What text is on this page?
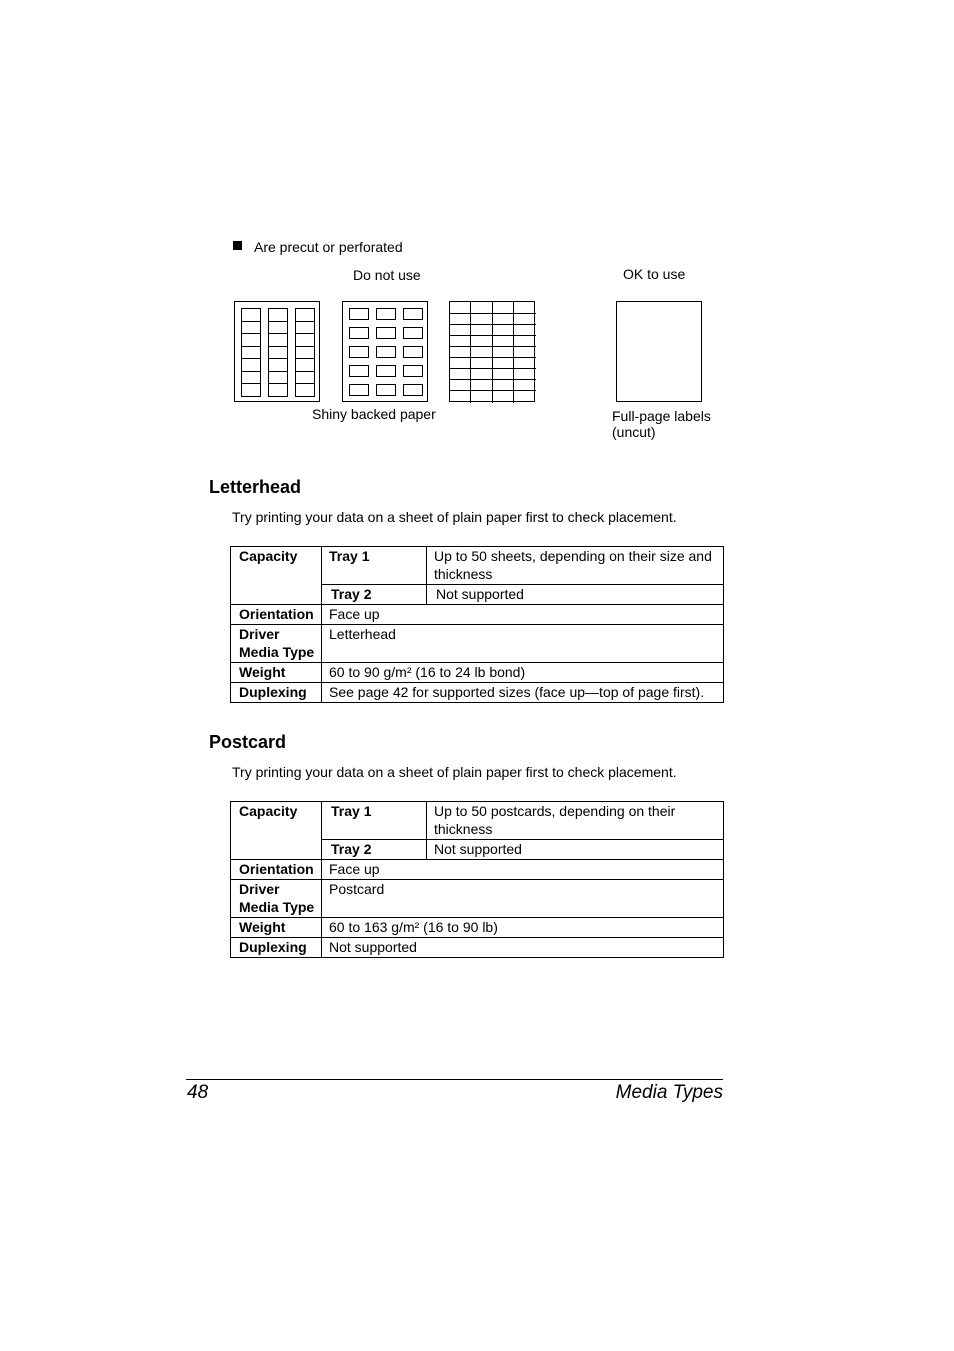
Are precut or perforated
Do not use	OK to use
Shiny backed paper	Full-page labels
(uncut)
Letterhead
Try printing your data on a sheet of plain paper first to check placement.
Capacity	Tray 1	Up to 50 sheets, depending on their size and thickness
	Tray 2	Not supported
Orientation	Face up	
Driver
Media Type	Letterhead	
Weight	60 to 90 g/m² (16 to 24 lb bond)	
Duplexing	See page 42 for supported sizes (face up—top of page first).	
Postcard
Try printing your data on a sheet of plain paper first to check placement.
Capacity	Tray 1	Up to 50 postcards, depending on their thickness
	Tray 2	Not supported
Orientation	Face up	
Driver
Media Type	Postcard	
Weight	60 to 163 g/m² (16 to 90 lb)	
Duplexing	Not supported	
48	Media Types
